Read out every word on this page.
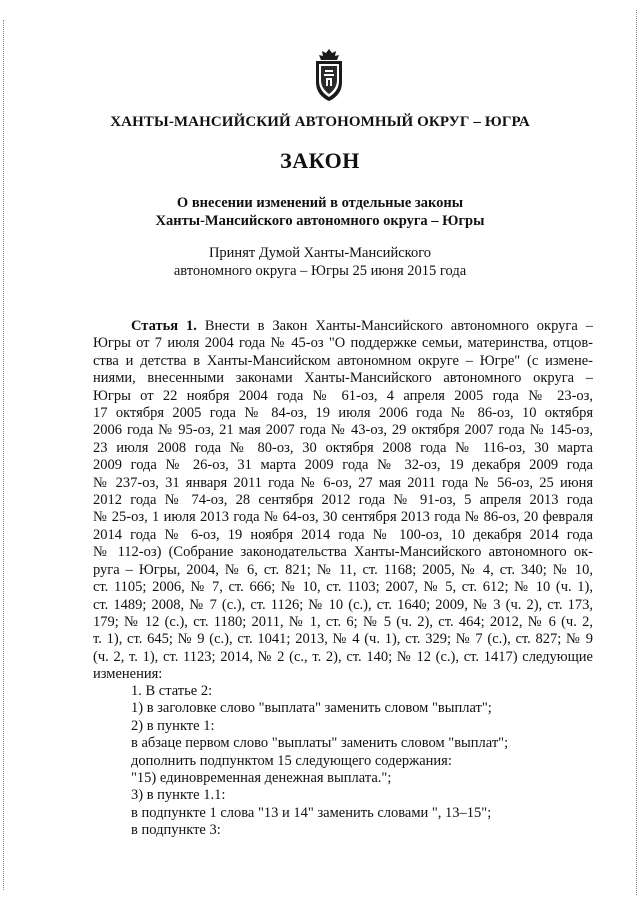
ХАНТЫ-МАНСИЙСКИЙ АВТОНОМНЫЙ ОКРУГ – ЮГРА
ЗАКОН
О внесении изменений в отдельные законы
Ханты-Мансийского автономного округа – Югры
Принят Думой Ханты-Мансийского
автономного округа – Югры 25 июня 2015 года
Статья 1. Внести в Закон Ханты-Мансийского автономного округа –
Югры от 7 июля 2004 года № 45-оз "О поддержке семьи, материнства, отцов-
ства и детства в Ханты-Мансийском автономном округе – Югре" (с измене-
ниями, внесенными законами Ханты-Мансийского автономного округа –
Югры от 22 ноября 2004 года № 61-оз, 4 апреля 2005 года № 23-оз,
17 октября 2005 года № 84-оз, 19 июля 2006 года № 86-оз, 10 октября
2006 года № 95-оз, 21 мая 2007 года № 43-оз, 29 октября 2007 года № 145-оз,
23 июля 2008 года № 80-оз, 30 октября 2008 года № 116-оз, 30 марта
2009 года № 26-оз, 31 марта 2009 года № 32-оз, 19 декабря 2009 года
№ 237-оз, 31 января 2011 года № 6-оз, 27 мая 2011 года № 56-оз, 25 июня
2012 года № 74-оз, 28 сентября 2012 года № 91-оз, 5 апреля 2013 года
№ 25-оз, 1 июля 2013 года № 64-оз, 30 сентября 2013 года № 86-оз, 20 февраля
2014 года № 6-оз, 19 ноября 2014 года № 100-оз, 10 декабря 2014 года
№ 112-оз) (Собрание законодательства Ханты-Мансийского автономного ок-
руга – Югры, 2004, № 6, ст. 821; № 11, ст. 1168; 2005, № 4, ст. 340; № 10,
ст. 1105; 2006, № 7, ст. 666; № 10, ст. 1103; 2007, № 5, ст. 612; № 10 (ч. 1),
ст. 1489; 2008, № 7 (с.), ст. 1126; № 10 (с.), ст. 1640; 2009, № 3 (ч. 2), ст. 173,
179; № 12 (с.), ст. 1180; 2011, № 1, ст. 6; № 5 (ч. 2), ст. 464; 2012, № 6 (ч. 2,
т. 1), ст. 645; № 9 (с.), ст. 1041; 2013, № 4 (ч. 1), ст. 329; № 7 (с.), ст. 827; № 9
(ч. 2, т. 1), ст. 1123; 2014, № 2 (с., т. 2), ст. 140; № 12 (с.), ст. 1417) следующие
изменения:
1. В статье 2:
1) в заголовке слово "выплата" заменить словом "выплат";
2) в пункте 1:
в абзаце первом слово "выплаты" заменить словом "выплат";
дополнить подпунктом 15 следующего содержания:
"15) единовременная денежная выплата.";
3) в пункте 1.1:
в подпункте 1 слова "13 и 14" заменить словами ", 13–15";
в подпункте 3:
